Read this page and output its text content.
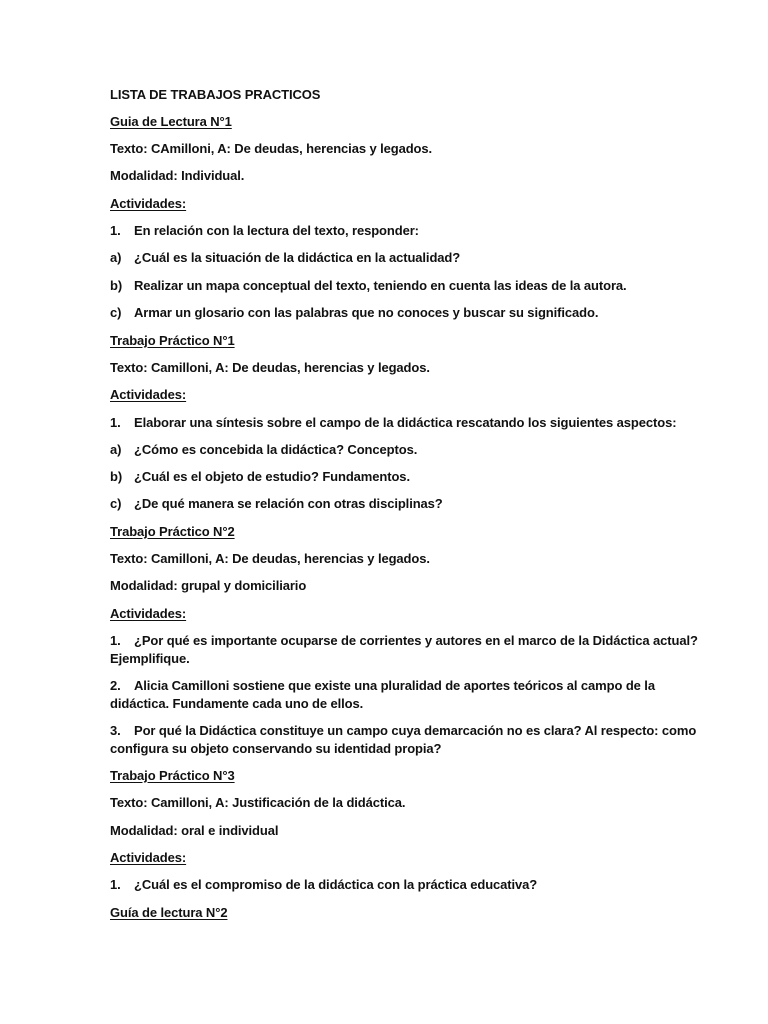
LISTA DE TRABAJOS PRACTICOS
Guia de Lectura N°1
Texto: CAmilloni, A: De deudas, herencias y legados.
Modalidad: Individual.
Actividades:
1. En relación con la lectura del texto, responder:
a) ¿Cuál es la situación de la didáctica en la actualidad?
b) Realizar un mapa conceptual del texto, teniendo en cuenta las ideas de la autora.
c) Armar un glosario con las palabras que no conoces y buscar su significado.
Trabajo Práctico N°1
Texto: Camilloni, A: De deudas, herencias y legados.
Actividades:
1. Elaborar una síntesis sobre el campo de la didáctica rescatando los siguientes aspectos:
a) ¿Cómo es concebida la didáctica? Conceptos.
b) ¿Cuál es el objeto de estudio? Fundamentos.
c) ¿De qué manera se relación con otras disciplinas?
Trabajo Práctico N°2
Texto: Camilloni, A: De deudas, herencias y legados.
Modalidad: grupal y domiciliario
Actividades:
1. ¿Por qué es importante ocuparse de corrientes y autores en el marco de la Didáctica actual? Ejemplifique.
2. Alicia Camilloni sostiene que existe una pluralidad de aportes teóricos al campo de la didáctica. Fundamente cada uno de ellos.
3. Por qué la Didáctica constituye un campo cuya demarcación no es clara? Al respecto: como configura su objeto conservando su identidad propia?
Trabajo Práctico N°3
Texto: Camilloni, A: Justificación de la didáctica.
Modalidad: oral e individual
Actividades:
1. ¿Cuál es el compromiso de la didáctica con la práctica educativa?
Guía de lectura N°2
